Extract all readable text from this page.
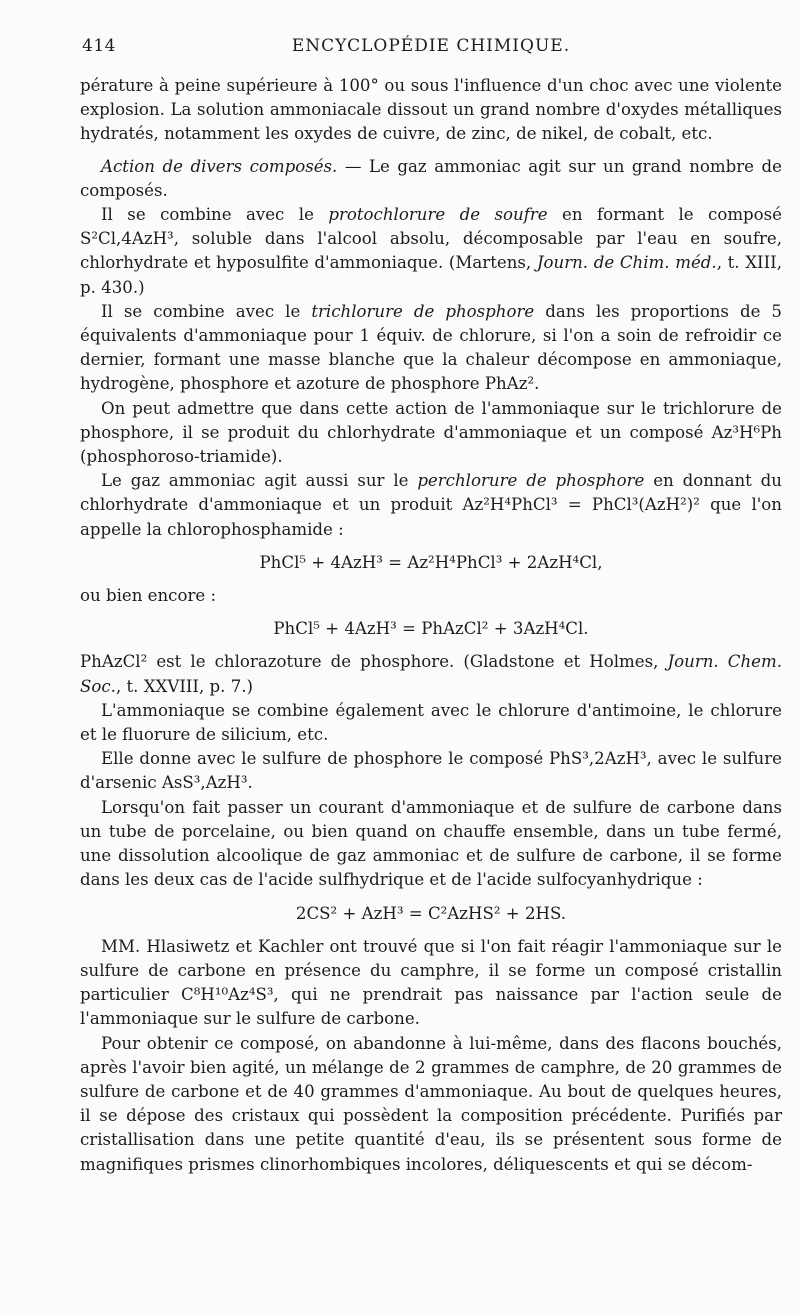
414	ENCYCLOPÉDIE CHIMIQUE.

pérature à peine supérieure à 100° ou sous l'influence d'un choc avec une violente explosion. La solution ammoniacale dissout un grand nombre d'oxydes métalliques hydratés, notamment les oxydes de cuivre, de zinc, de nikel, de cobalt, etc.

Action de divers composés. — Le gaz ammoniac agit sur un grand nombre de composés.

Il se combine avec le protochlorure de soufre en formant le composé S²Cl,4AzH³, soluble dans l'alcool absolu, décomposable par l'eau en soufre, chlorhydrate et hyposulfite d'ammoniaque. (Martens, Journ. de Chim. méd., t. XIII, p. 430.)

Il se combine avec le trichlorure de phosphore dans les proportions de 5 équivalents d'ammoniaque pour 1 équiv. de chlorure, si l'on a soin de refroidir ce dernier, formant une masse blanche que la chaleur décompose en ammoniaque, hydrogène, phosphore et azoture de phosphore PhAz².

On peut admettre que dans cette action de l'ammoniaque sur le trichlorure de phosphore, il se produit du chlorhydrate d'ammoniaque et un composé Az³H⁶Ph (phosphoroso-triamide).

Le gaz ammoniac agit aussi sur le perchlorure de phosphore en donnant du chlorhydrate d'ammoniaque et un produit Az²H⁴PhCl³ = PhCl³(AzH²)² que l'on appelle la chlorophosphamide :

PhCl⁵ + 4AzH³ = Az²H⁴PhCl³ + 2AzH⁴Cl,

ou bien encore :

PhCl⁵ + 4AzH³ = PhAzCl² + 3AzH⁴Cl.

PhAzCl² est le chlorazoture de phosphore. (Gladstone et Holmes, Journ. Chem. Soc., t. XXVIII, p. 7.)

L'ammoniaque se combine également avec le chlorure d'antimoine, le chlorure et le fluorure de silicium, etc.

Elle donne avec le sulfure de phosphore le composé PhS³,2AzH³, avec le sulfure d'arsenic AsS³,AzH³.

Lorsqu'on fait passer un courant d'ammoniaque et de sulfure de carbone dans un tube de porcelaine, ou bien quand on chauffe ensemble, dans un tube fermé, une dissolution alcoolique de gaz ammoniac et de sulfure de carbone, il se forme dans les deux cas de l'acide sulfhydrique et de l'acide sulfocyanhydrique :

2CS² + AzH³ = C²AzHS² + 2HS.

MM. Hlasiwetz et Kachler ont trouvé que si l'on fait réagir l'ammoniaque sur le sulfure de carbone en présence du camphre, il se forme un composé cristallin particulier C⁸H¹⁰Az⁴S³, qui ne prendrait pas naissance par l'action seule de l'ammoniaque sur le sulfure de carbone.

Pour obtenir ce composé, on abandonne à lui-même, dans des flacons bouchés, après l'avoir bien agité, un mélange de 2 grammes de camphre, de 20 grammes de sulfure de carbone et de 40 grammes d'ammoniaque. Au bout de quelques heures, il se dépose des cristaux qui possèdent la composition précédente. Purifiés par cristallisation dans une petite quantité d'eau, ils se présentent sous forme de magnifiques prismes clinorhombiques incolores, déliquescents et qui se décom-
